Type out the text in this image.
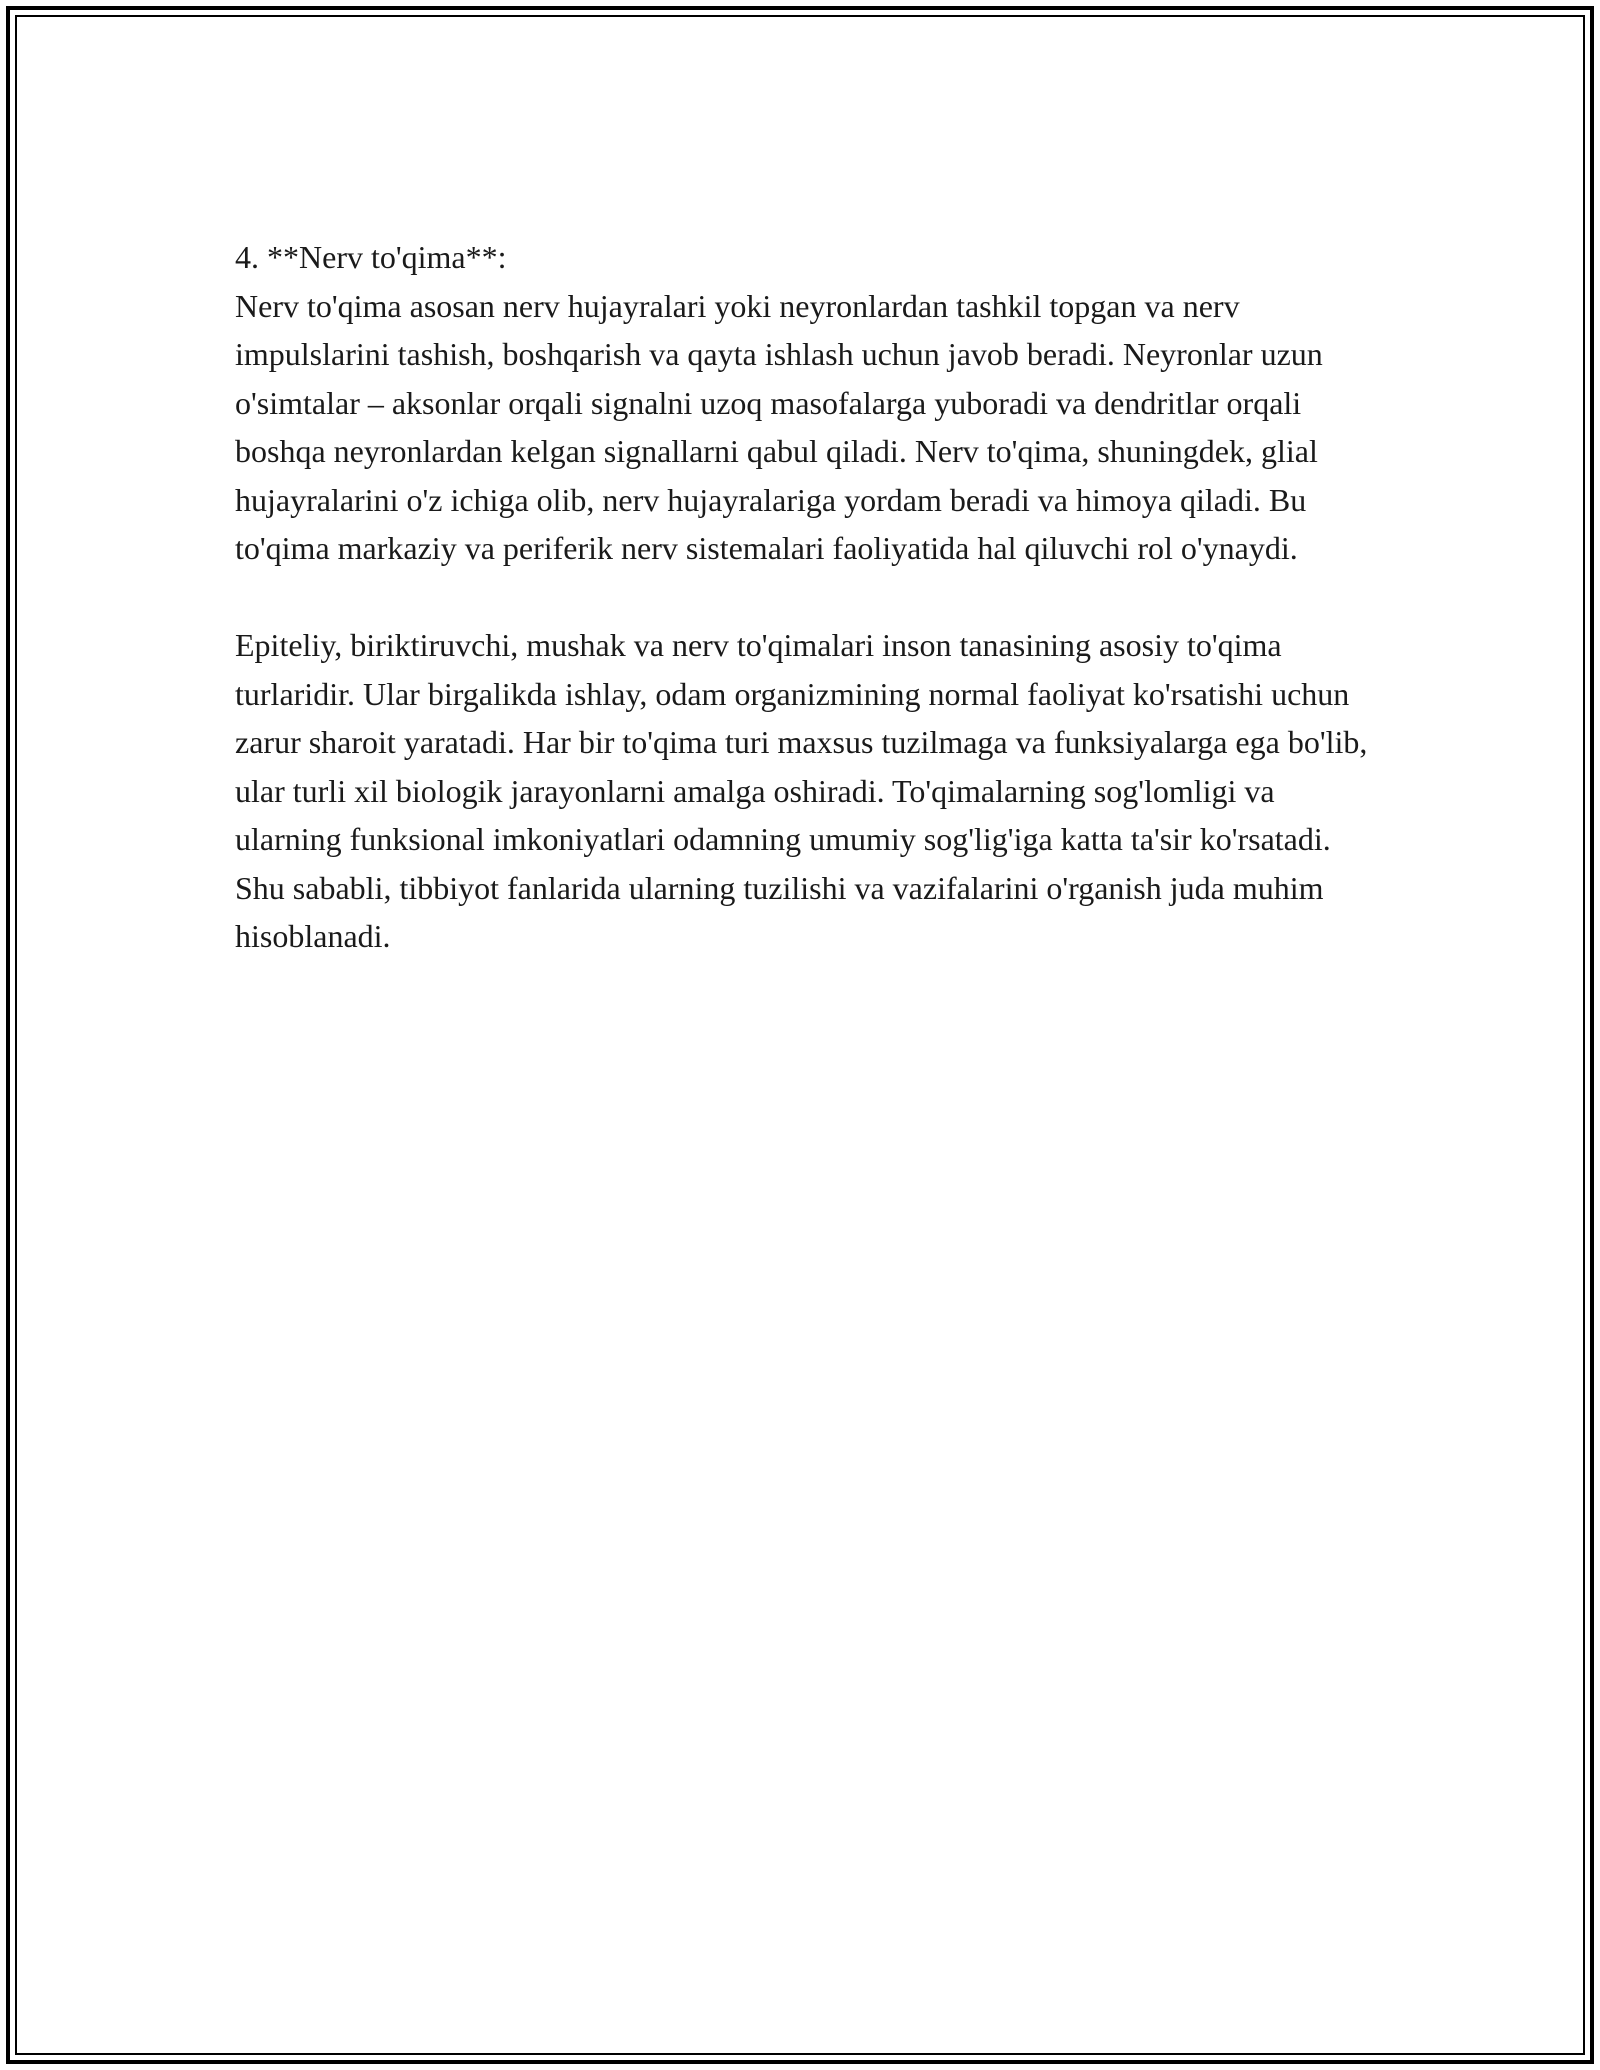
4. **Nerv to'qima**:

Nerv to'qima asosan nerv hujayralari yoki neyronlardan tashkil topgan va nerv impulslarini tashish, boshqarish va qayta ishlash uchun javob beradi. Neyronlar uzun o'simtalar – aksonlar orqali signalni uzoq masofalarga yuboradi va dendritlar orqali boshqa neyronlardan kelgan signallarni qabul qiladi. Nerv to'qima, shuningdek, glial hujayralarini o'z ichiga olib, nerv hujayralariga yordam beradi va himoya qiladi. Bu to'qima markaziy va periferik nerv sistemalari faoliyatida hal qiluvchi rol o'ynaydi.

Epiteliy, biriktiruvchi, mushak va nerv to'qimalari inson tanasining asosiy to'qima turlaridir. Ular birgalikda ishlay, odam organizmining normal faoliyat ko'rsatishi uchun zarur sharoit yaratadi. Har bir to'qima turi maxsus tuzilmaga va funksiyalarga ega bo'lib, ular turli xil biologik jarayonlarni amalga oshiradi. To'qimalarning sog'lomligi va ularning funksional imkoniyatlari odamning umumiy sog'lig'iga katta ta'sir ko'rsatadi. Shu sababli, tibbiyot fanlarida ularning tuzilishi va vazifalarini o'rganish juda muhim hisoblanadi.
